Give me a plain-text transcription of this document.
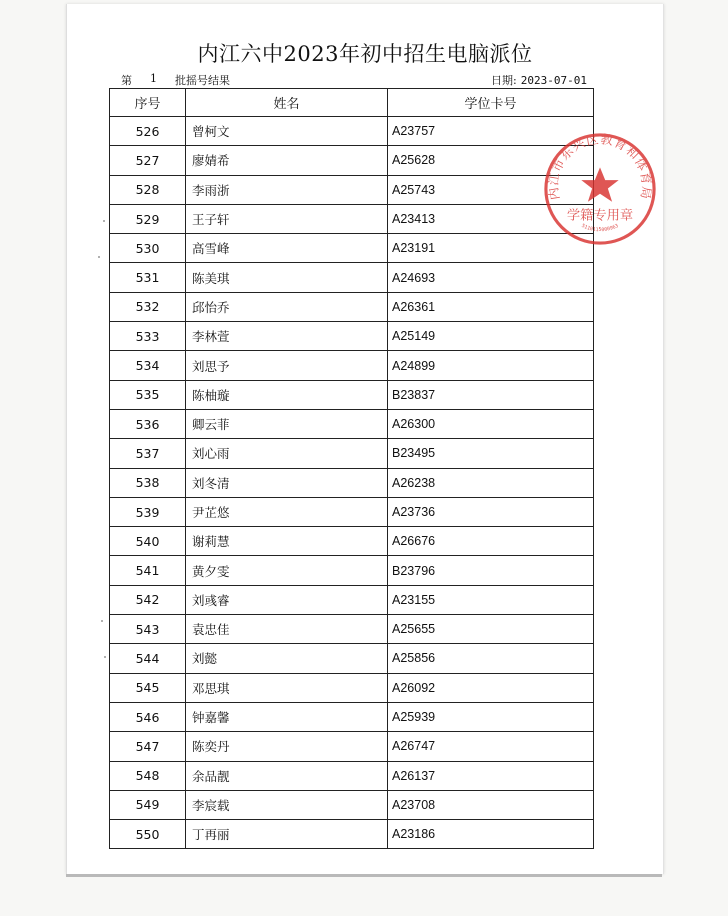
内江六中2023年初中招生电脑派位
第 1 批摇号结果	日期: 2023-07-01
序号	姓名	学位卡号
526	曾柯文	A23757
527	廖婧希	A25628
528	李雨浙	A25743
529	王子轩	A23413
530	高雪峰	A23191
531	陈美琪	A24693
532	邱怡乔	A26361
533	李林萱	A25149
534	刘思予	A24899
535	陈柚璇	B23837
536	卿云菲	A26300
537	刘心雨	B23495
538	刘冬清	A26238
539	尹芷悠	A23736
540	谢莉慧	A26676
541	黄夕雯	B23796
542	刘彧睿	A23155
543	袁忠佳	A25655
544	刘懿	A25856
545	邓思琪	A26092
546	钟嘉馨	A25939
547	陈奕丹	A26747
548	余品靓	A26137
549	李宸载	A23708
550	丁再丽	A23186
内江市东兴区教育和体育局
学籍专用章
5110115000963
